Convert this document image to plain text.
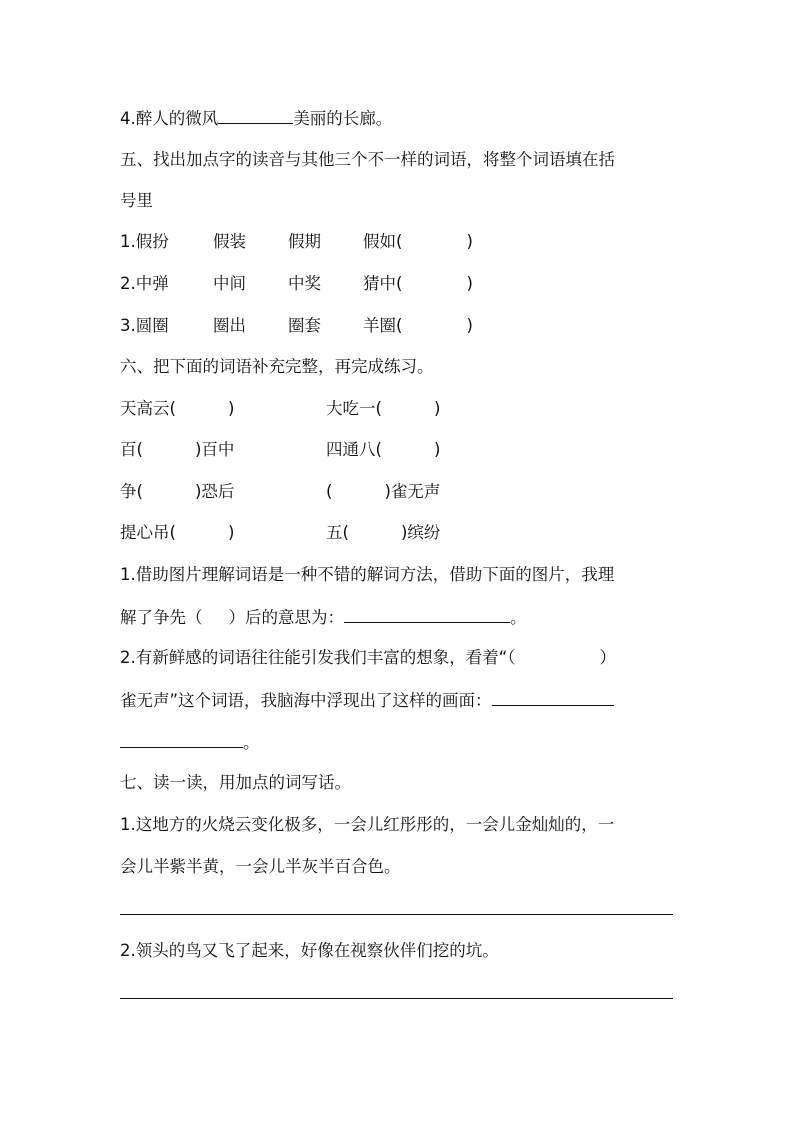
4.醉人的微风	美丽的长廊。
五、找出加点字的读音与其他三个不一样的词语，将整个词语填在括
号里
1.假扮	假装	假期	假如(	)
2.中弹	中间	中奖	猜中(	)
3.圆圈	圈出	圈套	羊圈(	)
六、把下面的词语补充完整，再完成练习。
天高云(	)	大吃一(	)
百(	)百中	四通八(	)
争(	)恐后	(	)雀无声
提心吊(	)	五(	)缤纷
1.借助图片理解词语是一种不错的解词方法，借助下面的图片，我理
解了争先（ ）后的意思为：	。
2.有新鲜感的词语往往能引发我们丰富的想象，看着“（	）
雀无声”这个词语，我脑海中浮现出了这样的画面：
。
七、读一读，用加点的词写话。
1.这地方的火烧云变化极多，一会儿红彤彤的，一会儿金灿灿的，一
会儿半紫半黄，一会儿半灰半百合色。
2.领头的鸟又飞了起来，好像在视察伙伴们挖的坑。
